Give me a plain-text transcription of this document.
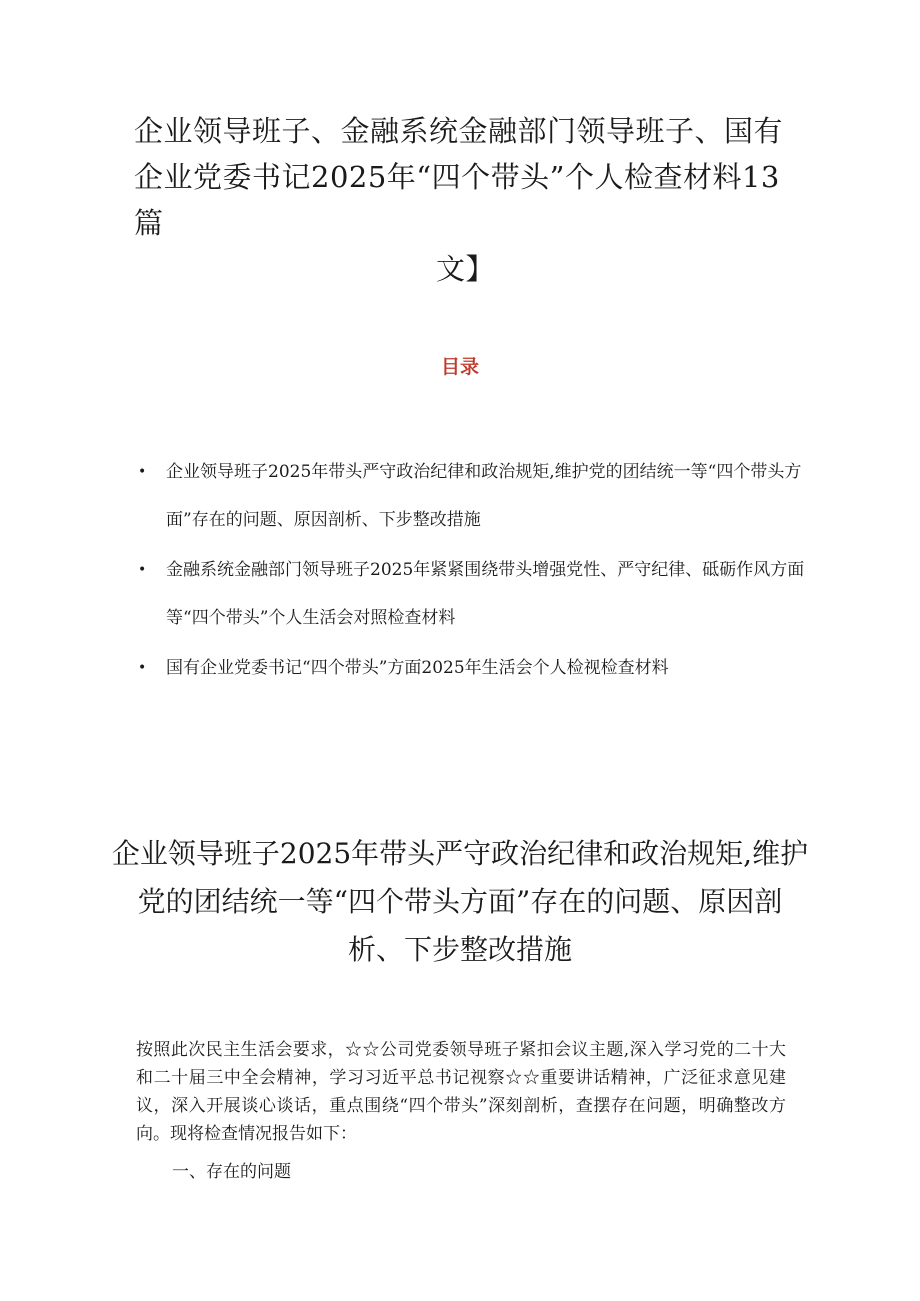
企业领导班子、金融系统金融部门领导班子、国有企业党委书记2025年“四个带头”个人检查材料13篇
文】
目录
• 企业领导班子2025年带头严守政治纪律和政治规矩,维护党的团结统一等“四个带头方面”存在的问题、原因剖析、下步整改措施
• 金融系统金融部门领导班子2025年紧紧围绕带头增强党性、严守纪律、砥砺作风方面等“四个带头”个人生活会对照检查材料
• 国有企业党委书记“四个带头”方面2025年生活会个人检视检查材料
企业领导班子2025年带头严守政治纪律和政治规矩,维护党的团结统一等“四个带头方面”存在的问题、原因剖析、下步整改措施

按照此次民主生活会要求，☆☆公司党委领导班子紧扣会议主题,深入学习党的二十大和二十届三中全会精神，学习习近平总书记视察☆☆重要讲话精神，广泛征求意见建议，深入开展谈心谈话，重点围绕“四个带头”深刻剖析，查摆存在问题，明确整改方向。现将检查情况报告如下：

一、存在的问题
